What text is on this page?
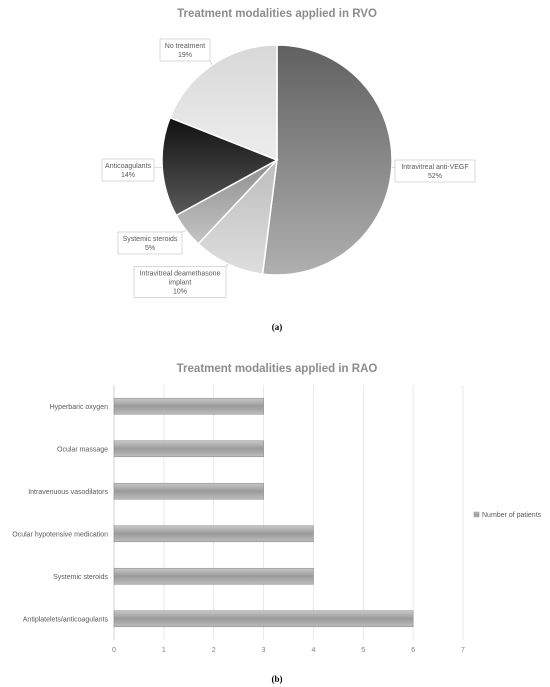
Treatment modalities applied in RVO
Intravitreal anti-VEGF
52%
Intravitreal deamethasone
implant
10%
Systemic steroids
5%
Anticoagulants
14%
No treatment
19%
(a)
Treatment modalities applied in RAO
0	1	2	3	4	5	6	7
Hyperbaric oxygen
Ocular massage
Intravenuous vasodilators
Ocular hypotensive medication
Systemic steroids
Antiplatelets/anticoagulants
Number of patients
(b)
